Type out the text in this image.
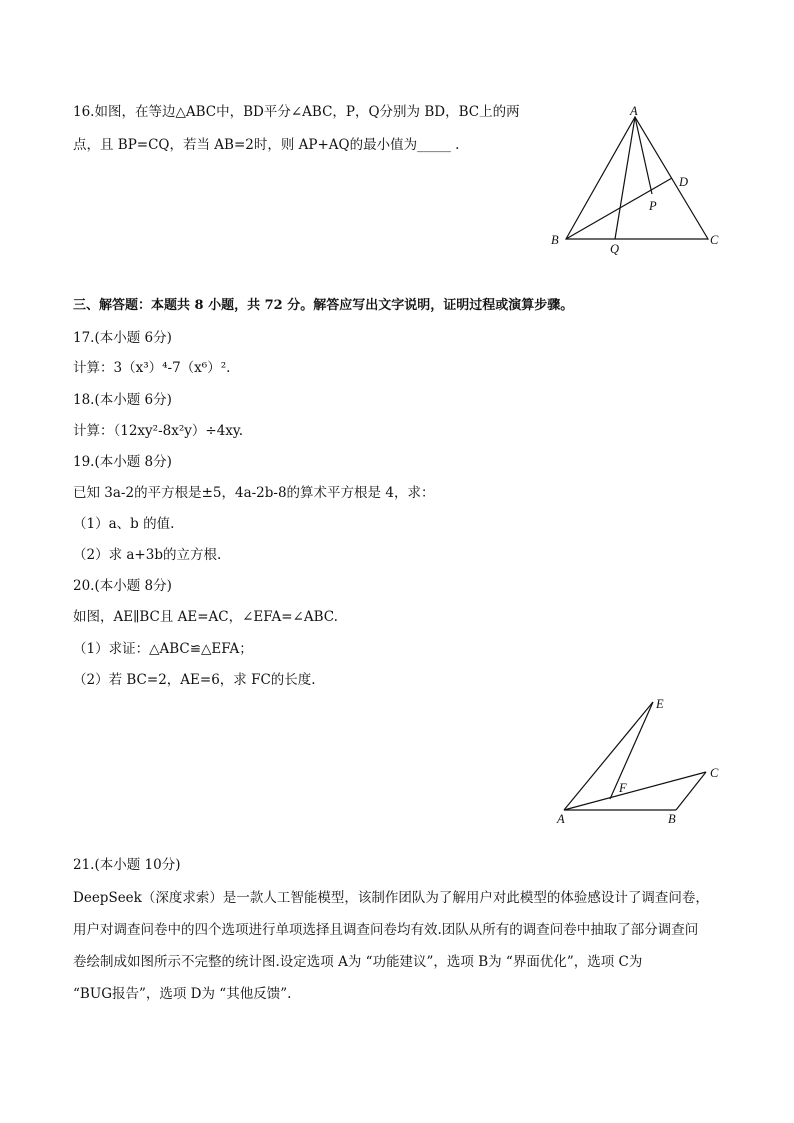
16.如图，在等边△ABC中，BD平分∠ABC，P，Q分别为 BD，BC上的两
点，且 BP=CQ，若当 AB=2时，则 AP+AQ的最小值为_____ .
A
B	C
D
P
Q
三、解答题：本题共 8 小题，共 72 分。解答应写出文字说明，证明过程或演算步骤。
17.(本小题 6分)
计算：3（x³）⁴-7（x⁶）².
18.(本小题 6分)
计算：（12xy²-8x²y）÷4xy.
19.(本小题 8分)
已知 3a-2的平方根是±5，4a-2b-8的算术平方根是 4，求：
（1）a、b 的值.
（2）求 a+3b的立方根.
20.(本小题 8分)
如图，AE∥BC且 AE=AC，∠EFA=∠ABC.
（1）求证：△ABC≌△EFA；
（2）若 BC=2，AE=6，求 FC的长度.
E
C
F
A	B
21.(本小题 10分)
DeepSeek（深度求索）是一款人工智能模型，该制作团队为了解用户对此模型的体验感设计了调查问卷，
用户对调查问卷中的四个选项进行单项选择且调查问卷均有效.团队从所有的调查问卷中抽取了部分调查问
卷绘制成如图所示不完整的统计图.设定选项 A为 “功能建议”，选项 B为 “界面优化”，选项 C为
“BUG报告”，选项 D为 “其他反馈”.
